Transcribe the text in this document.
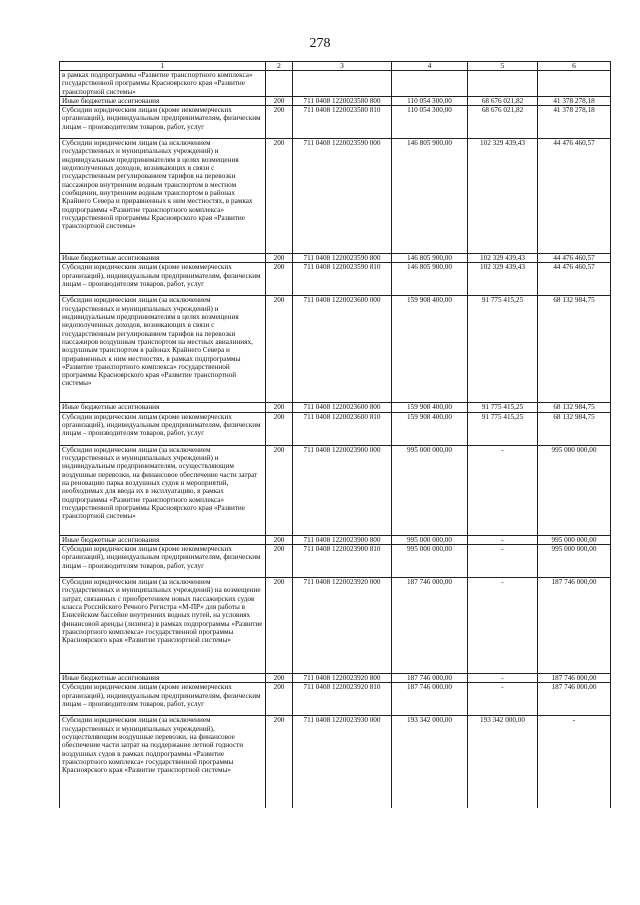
278
1	2	3	4	5	6
в рамках подпрограммы «Развитие транспортного комплекса» государственной программы Красноярского края «Развитие транспортной системы»					
Иные бюджетные ассигнования	200	711 0408 1220023580 800	110 054 300,00	68 676 021,82	41 378 278,18
Субсидии юридическим лицам (кроме некоммерческих организаций), индивидуальным предпринимателям, физическим лицам – производителям товаров, работ, услуг	200	711 0408 1220023580 810	110 054 300,00	68 676 021,82	41 378 278,18
Субсидии юридическим лицам (за исключением государственных и муниципальных учреждений) и индивидуальным предпринимателям в целях возмещения недополученных доходов, возникающих в связи с государственным регулированием тарифов на перевозки пассажиров внутренним водным транспортом в местном сообщении, внутренним водным транспортом в районах Крайнего Севера и приравненных к ним местностях, в рамках подпрограммы «Развитие транспортного комплекса» государственной программы Красноярского края «Развитие транспортной системы»	200	711 0408 1220023590 000	146 805 900,00	102 329 439,43	44 476 460,57
Иные бюджетные ассигнования	200	711 0408 1220023590 800	146 805 900,00	102 329 439,43	44 476 460,57
Субсидии юридическим лицам (кроме некоммерческих организаций), индивидуальным предпринимателям, физическим лицам – производителям товаров, работ, услуг	200	711 0408 1220023590 810	146 805 900,00	102 329 439,43	44 476 460,57
Субсидии юридическим лицам (за исключением государственных и муниципальных учреждений) и индивидуальным предпринимателям в целях возмещения недополученных доходов, возникающих в связи с государственным регулированием тарифов на перевозки пассажиров воздушным транспортом на местных авиалиниях, воздушным транспортом в районах Крайнего Севера и приравненных к ним местностях, в рамках подпрограммы «Развитие транспортного комплекса» государственной программы Красноярского края «Развитие транспортной системы»	200	711 0408 1220023600 000	159 908 400,00	91 775 415,25	68 132 984,75
Иные бюджетные ассигнования	200	711 0408 1220023600 800	159 908 400,00	91 775 415,25	68 132 984,75
Субсидии юридическим лицам (кроме некоммерческих организаций), индивидуальным предпринимателям, физическим лицам – производителям товаров, работ, услуг	200	711 0408 1220023600 810	159 908 400,00	91 775 415,25	68 132 984,75
Субсидии юридическим лицам (за исключением государственных и муниципальных учреждений) и индивидуальным предпринимателям, осуществляющим воздушные перевозки, на финансовое обеспечение части затрат на реновацию парка воздушных судов и мероприятий, необходимых для ввода их в эксплуатацию, в рамках подпрограммы «Развитие транспортного комплекса» государственной программы Красноярского края «Развитие транспортной системы»	200	711 0408 1220023900 000	995 000 000,00	-	995 000 000,00
Иные бюджетные ассигнования	200	711 0408 1220023900 800	995 000 000,00	-	995 000 000,00
Субсидии юридическим лицам (кроме некоммерческих организаций), индивидуальным предпринимателям, физическим лицам – производителям товаров, работ, услуг	200	711 0408 1220023900 810	995 000 000,00	-	995 000 000,00
Субсидии юридическим лицам (за исключением государственных и муниципальных учреждений) на возмещение затрат, связанных с приобретением новых пассажирских судов класса Российского Речного Регистра «М-ПР» для работы в Енисейском бассейне внутренних водных путей, на условиях финансовой аренды (лизинга) в рамках подпрограммы «Развитие транспортного комплекса» государственной программы Красноярского края «Развитие транспортной системы»	200	711 0408 1220023920 000	187 746 000,00	-	187 746 000,00
Иные бюджетные ассигнования	200	711 0408 1220023920 800	187 746 000,00	-	187 746 000,00
Субсидии юридическим лицам (кроме некоммерческих организаций), индивидуальным предпринимателям, физическим лицам – производителям товаров, работ, услуг	200	711 0408 1220023920 810	187 746 000,00	-	187 746 000,00
Субсидии юридическим лицам (за исключением государственных и муниципальных учреждений), осуществляющим воздушные перевозки, на финансовое обеспечение части затрат на поддержание летной годности воздушных судов в рамках подпрограммы «Развитие транспортного комплекса» государственной программы Красноярского края «Развитие транспортной системы»	200	711 0408 1220023930 000	193 342 000,00	193 342 000,00	-
